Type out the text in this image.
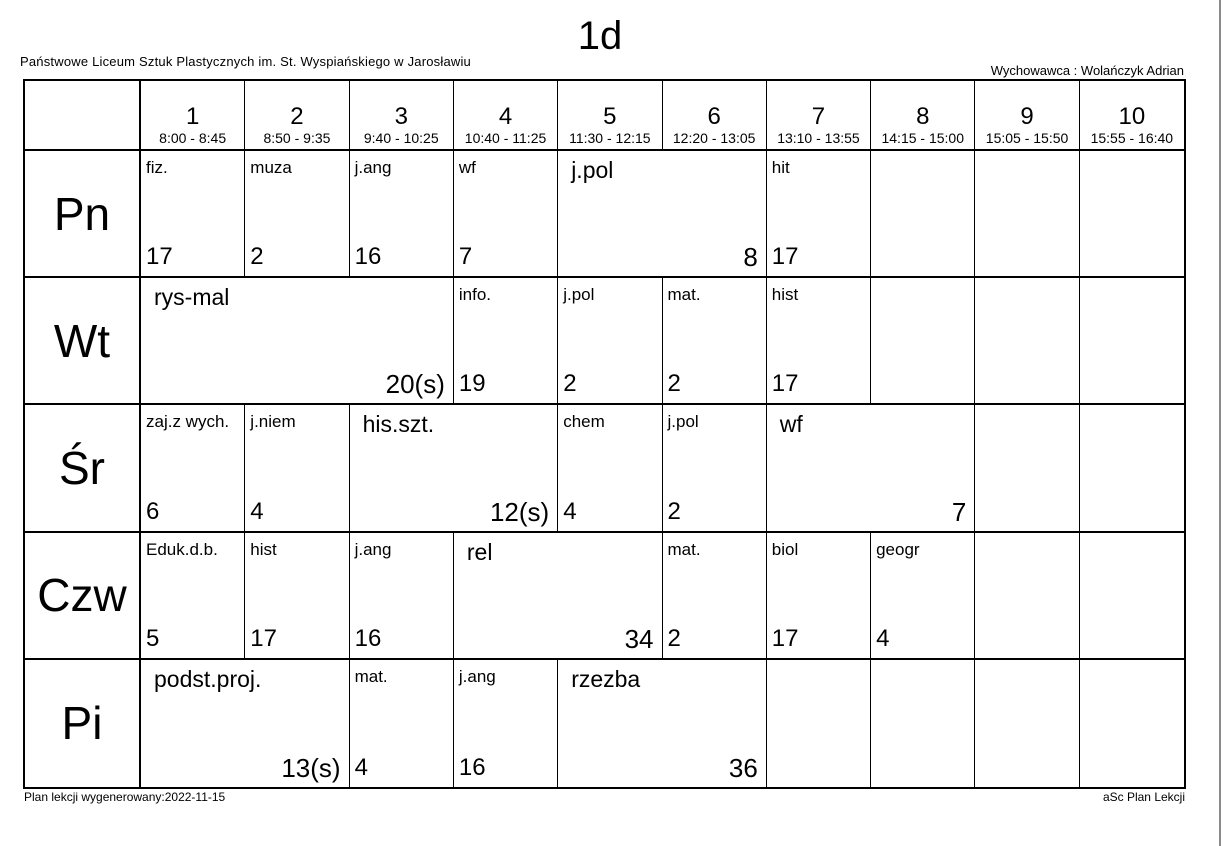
1d
Państwowe Liceum Sztuk Plastycznych im. St. Wyspiańskiego w Jarosławiu
Wychowawca : Wolańczyk Adrian
1
8:00 - 8:45
2
8:50 - 9:35
3
9:40 - 10:25
4
10:40 - 11:25
5
11:30 - 12:15
6
12:20 - 13:05
7
13:10 - 13:55
8
14:15 - 15:00
9
15:05 - 15:50
10
15:55 - 16:40
Pn
fiz.
17
muza
2
j.ang
16
wf
7
j.pol
8
hit
17
Wt
rys-mal
20(s)
info.
19
j.pol
2
mat.
2
hist
17
Śr
zaj.z wych.
6
j.niem
4
his.szt.
12(s)
chem
4
j.pol
2
wf
7
Czw
Eduk.d.b.
5
hist
17
j.ang
16
rel
34
mat.
2
biol
17
geogr
4
Pi
podst.proj.
13(s)
mat.
4
j.ang
16
rzezba
36
Plan lekcji wygenerowany:2022-11-15	aSc Plan Lekcji
